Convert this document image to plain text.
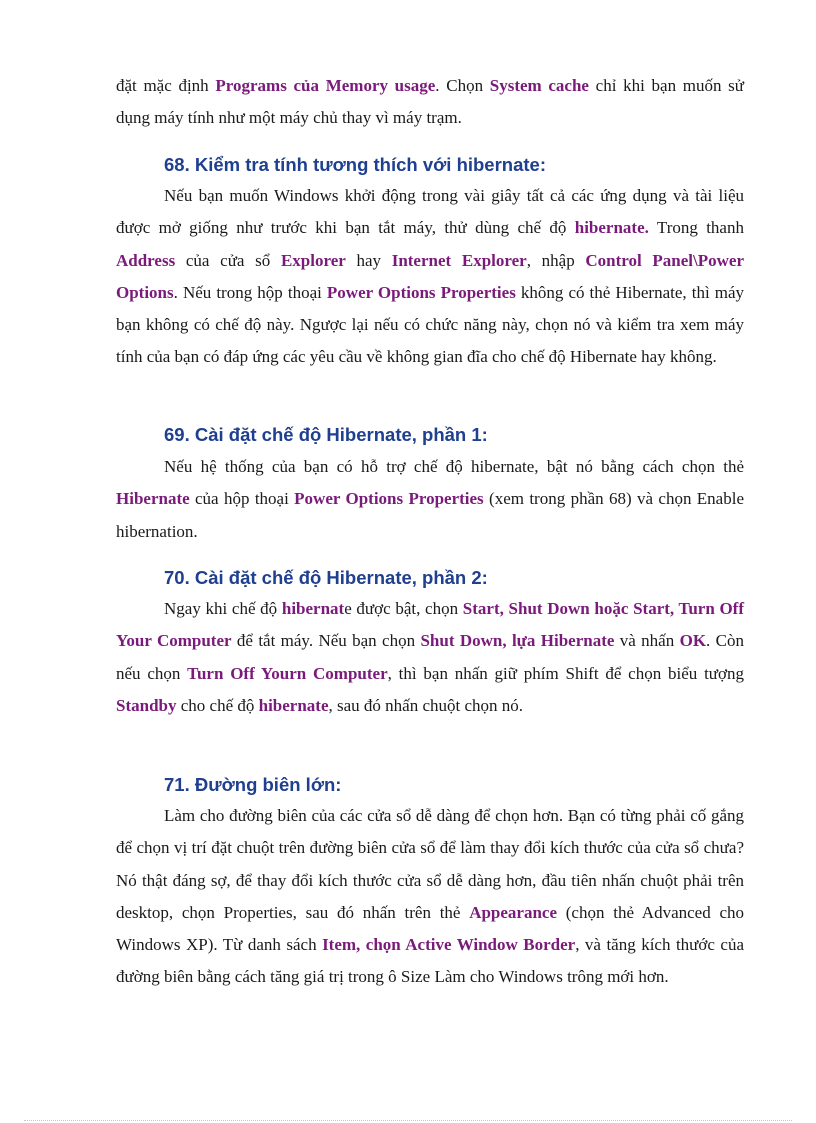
đặt mặc định Programs của Memory usage. Chọn System cache chỉ khi bạn muốn sử dụng máy tính như một máy chủ thay vì máy trạm.

68. Kiểm tra tính tương thích với hibernate:

Nếu bạn muốn Windows khởi động trong vài giây tất cả các ứng dụng và tài liệu được mở giống như trước khi bạn tắt máy, thử dùng chế độ hibernate. Trong thanh Address của cửa sổ Explorer hay Internet Explorer, nhập Control Panel\Power Options. Nếu trong hộp thoại Power Options Properties không có thẻ Hibernate, thì máy bạn không có chế độ này. Ngược lại nếu có chức năng này, chọn nó và kiểm tra xem máy tính của bạn có đáp ứng các yêu cầu về không gian đĩa cho chế độ Hibernate hay không.

69. Cài đặt chế độ Hibernate, phần 1:

Nếu hệ thống của bạn có hỗ trợ chế độ hibernate, bật nó bằng cách chọn thẻ Hibernate của hộp thoại Power Options Properties (xem trong phần 68) và chọn Enable hibernation.

70. Cài đặt chế độ Hibernate, phần 2:

Ngay khi chế độ hibernate được bật, chọn Start, Shut Down hoặc Start, Turn Off Your Computer để tắt máy. Nếu bạn chọn Shut Down, lựa Hibernate và nhấn OK. Còn nếu chọn Turn Off Yourn Computer, thì bạn nhấn giữ phím Shift để chọn biểu tượng Standby cho chế độ hibernate, sau đó nhấn chuột chọn nó.

71. Đường biên lớn:

Làm cho đường biên của các cửa sổ dễ dàng để chọn hơn. Bạn có từng phải cố gắng để chọn vị trí đặt chuột trên đường biên cửa sổ để làm thay đổi kích thước của cửa sổ chưa? Nó thật đáng sợ, để thay đổi kích thước cửa sổ dễ dàng hơn, đầu tiên nhấn chuột phải trên desktop, chọn Properties, sau đó nhấn trên thẻ Appearance (chọn thẻ Advanced cho Windows XP). Từ danh sách Item, chọn Active Window Border, và tăng kích thước của đường biên bằng cách tăng giá trị trong ô Size Làm cho Windows trông mới hơn.
